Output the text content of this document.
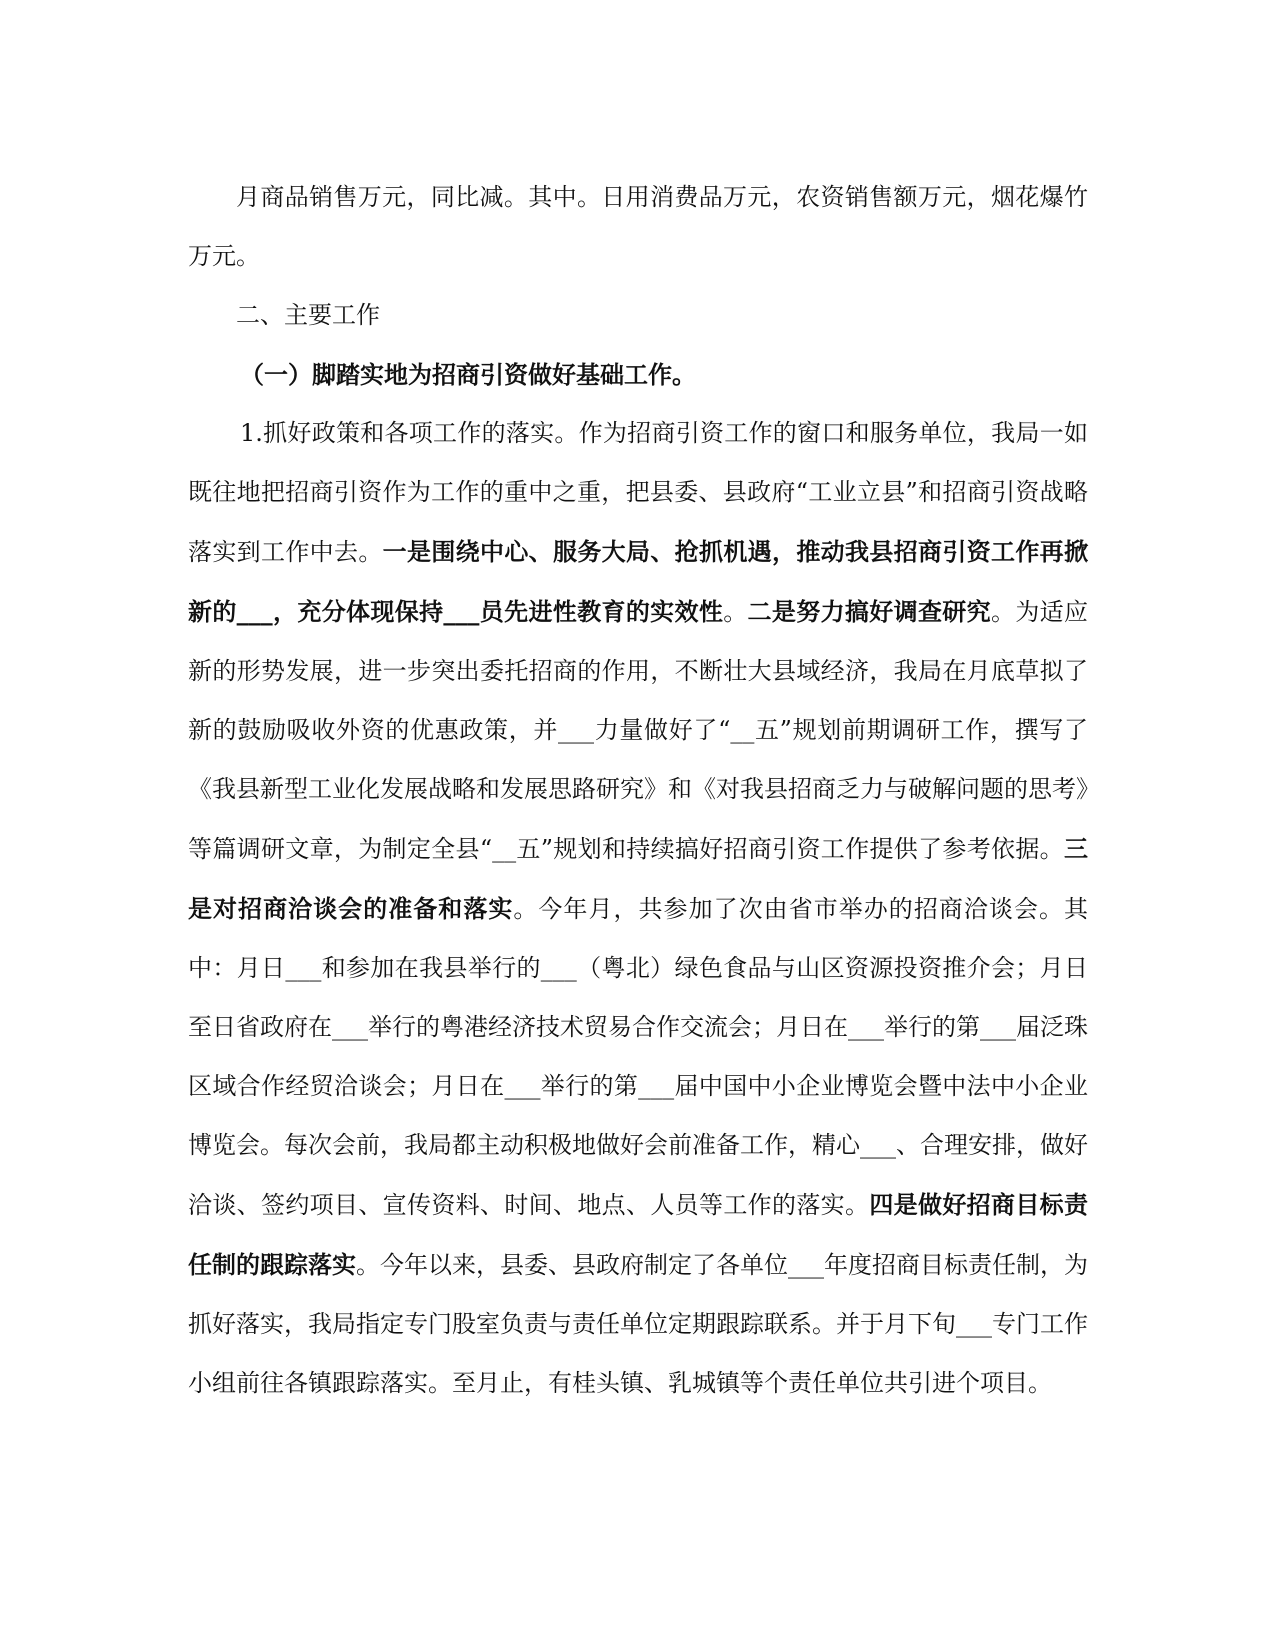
月商品销售万元，同比减。其中。日用消费品万元，农资销售额万元，烟花爆竹万元。

二、主要工作

（一）脚踏实地为招商引资做好基础工作。

1.抓好政策和各项工作的落实。作为招商引资工作的窗口和服务单位，我局一如既往地把招商引资作为工作的重中之重，把县委、县政府“工业立县”和招商引资战略落实到工作中去。一是围绕中心、服务大局、抢抓机遇，推动我县招商引资工作再掀新的___，充分体现保持___员先进性教育的实效性。二是努力搞好调查研究。为适应新的形势发展，进一步突出委托招商的作用，不断壮大县域经济，我局在月底草拟了新的鼓励吸收外资的优惠政策，并___力量做好了“__五”规划前期调研工作，撰写了《我县新型工业化发展战略和发展思路研究》和《对我县招商乏力与破解问题的思考》等篇调研文章，为制定全县“__五”规划和持续搞好招商引资工作提供了参考依据。三是对招商洽谈会的准备和落实。今年月，共参加了次由省市举办的招商洽谈会。其中：月日___和参加在我县举行的___（粤北）绿色食品与山区资源投资推介会；月日至日省政府在___举行的粤港经济技术贸易合作交流会；月日在___举行的第___届泛珠区域合作经贸洽谈会；月日在___举行的第___届中国中小企业博览会暨中法中小企业博览会。每次会前，我局都主动积极地做好会前准备工作，精心___、合理安排，做好洽谈、签约项目、宣传资料、时间、地点、人员等工作的落实。四是做好招商目标责任制的跟踪落实。今年以来，县委、县政府制定了各单位___年度招商目标责任制，为抓好落实，我局指定专门股室负责与责任单位定期跟踪联系。并于月下旬___专门工作小组前往各镇跟踪落实。至月止，有桂头镇、乳城镇等个责任单位共引进个项目。
